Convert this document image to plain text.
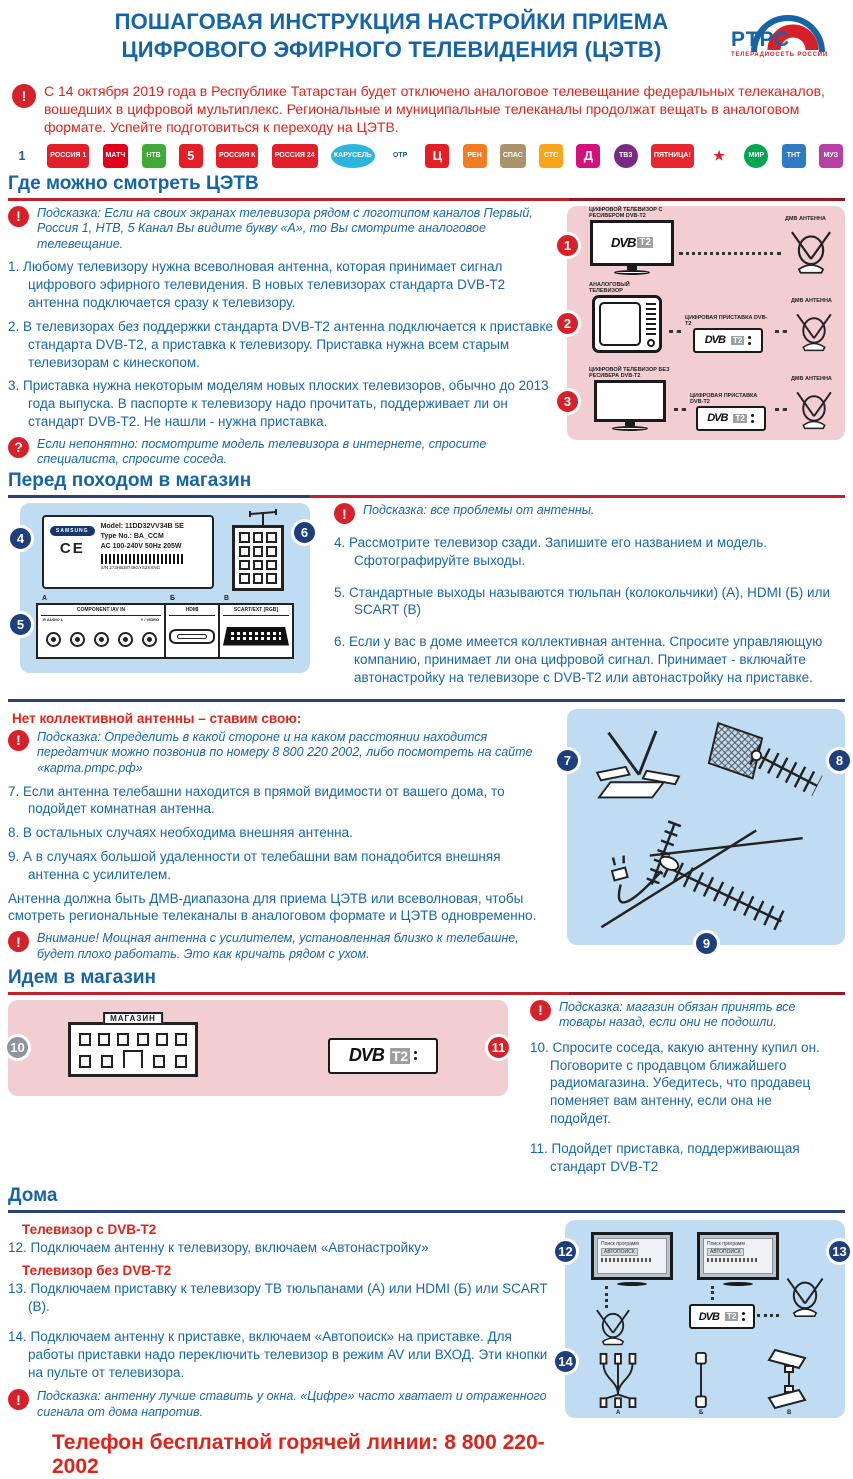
ПОШАГОВАЯ ИНСТРУКЦИЯ НАСТРОЙКИ ПРИЕМА
ЦИФРОВОГО ЭФИРНОГО ТЕЛЕВИДЕНИЯ (ЦЭТВ)	РТРС
ТЕЛЕРАДИОСЕТЬ РОССИИ
!	С 14 октября 2019 года в Республике Татарстан будет отключено аналоговое телевещание федеральных телеканалов, вошедших в цифровой мультиплекс. Региональные и муниципальные телеканалы продолжат вещать в аналоговом формате. Успейте подготовиться к переходу на ЦЭТВ.
1	РОССИЯ 1	МАТЧ	НТВ	5	РОССИЯ К	РОССИЯ 24	КАРУСЕЛЬ	ОТР	Ц	РЕН	СПАС	СТС	Д	ТВ3	ПЯТНИЦА!	★	МИР	ТНТ	МУЗ
Где можно смотреть ЦЭТВ
!	Подсказка: Если на своих экранах телевизора рядом с логотипом каналов Первый, Россия 1, НТВ, 5 Канал Вы видите букву «А», то Вы смотрите аналоговое телевещание.

1. Любому телевизору нужна всеволновая антенна, которая принимает сигнал цифрового эфирного телевидения. В новых телевизорах стандарта DVB-T2 антенна подключается сразу к телевизору.

2. В телевизорах без поддержки стандарта DVB-T2 антенна подключается к приставке стандарта DVB-T2, а приставка к телевизору. Приставка нужна всем старым телевизорам с кинескопом.

3. Приставка нужна некоторым моделям новых плоских телевизоров, обычно до 2013 года выпуска. В паспорте к телевизору надо прочитать, поддерживает ли он стандарт DVB-T2. Не нашли - нужна приставка.

?	Если непонятно: посмотрите модель телевизора в интернете, спросите специалиста, спросите соседа.
1
2
3
ЦИФРОВОЙ ТЕЛЕВИЗОР С РЕСИВЕРОМ DVB-T2
DVB T2
ДМВ АНТЕННА
АНАЛОГОВЫЙ ТЕЛЕВИЗОР
ЦИФРОВАЯ ПРИСТАВКА DVB-T2
DVB T2
ДМВ АНТЕННА
ЦИФРОВОЙ ТЕЛЕВИЗОР БЕЗ РЕСИВЕРА DVB-T2
ЦИФРОВАЯ ПРИСТАВКА DVB-T2
DVB T2
ДМВ АНТЕННА
Перед походом в магазин
4
5
6
SAMSUNG
CE
Model: 11DD32VV34B SE
Type No.: BA_CCM
AC 100-240V 50Hz 205W
S/N 273HBJ8748GYS2XXNG
А
COMPONENT /AV IN
R AUDIO L	Y / VIDEO
Б
HDMI
В
SCART/EXT [RGB]
!	Подсказка: все проблемы от антенны.

4. Рассмотрите телевизор сзади. Запишите его названием и модель. Сфотографируйте выходы.

5. Стандартные выходы называются тюльпан (колокольчики) (А), HDMI (Б) или SCART (В)

6. Если у вас в доме имеется коллективная антенна. Спросите управляющую компанию, принимает ли она цифровой сигнал. Принимает - включайте автонастройку на телевизоре с DVB-T2 или автонастройку на приставке.

Нет коллективной антенны – ставим свою:
!	Подсказка: Определить в какой стороне и на каком расстоянии находится передатчик можно позвонив по номеру 8 800 220 2002, либо посмотреть на сайте «карта.ртрс.рф»

7. Если антенна телебашни находится в прямой видимости от вашего дома, то подойдет комнатная антенна.

8. В остальных случаях необходима внешняя антенна.

9. А в случаях большой удаленности от телебашни вам понадобится внешняя антенна с усилителем.

Антенна должна быть ДМВ-диапазона для приема ЦЭТВ или всеволновая, чтобы смотреть региональные телеканалы в аналоговом формате и ЦЭТВ одновременно.

!	Внимание! Мощная антенна с усилителем, установленная близко к телебашне, будет плохо работать. Это как кричать рядом с ухом.
7	8
9
Идем в магазин
10	11
МАГАЗИН
DVB T2
!	Подсказка: магазин обязан принять все товары назад, если они не подошли.

10. Спросите соседа, какую антенну купил он. Поговорите с продавцом ближайшего радиомагазина. Убедитесь, что продавец поменяет вам антенну, если она не подойдет.

11. Подойдет приставка, поддерживающая стандарт DVB-T2

Дома
Телевизор с DVB-T2

12. Подключаем антенну к телевизору, включаем «Автонастройку»

Телевизор без DVB-T2

13. Подключаем приставку к телевизору ТВ тюльпанами (А) или HDMI (Б) или SCART (В).

14. Подключаем антенну к приставке, включаем «Автопоиск» на приставке. Для работы приставки надо переключить телевизор в режим AV или ВХОД. Эти кнопки на пульте от телевизора.

!	Подсказка: антенну лучше ставить у окна. «Цифре» часто хватает и отраженного сигнала от дома напротив.
Телефон бесплатной горячей линии: 8 800 220-2002
12	13
14
Поиск программ
АВТОПОИСК
Поиск программ
АВТОПОИСК
DVB T2
А	Б	В
